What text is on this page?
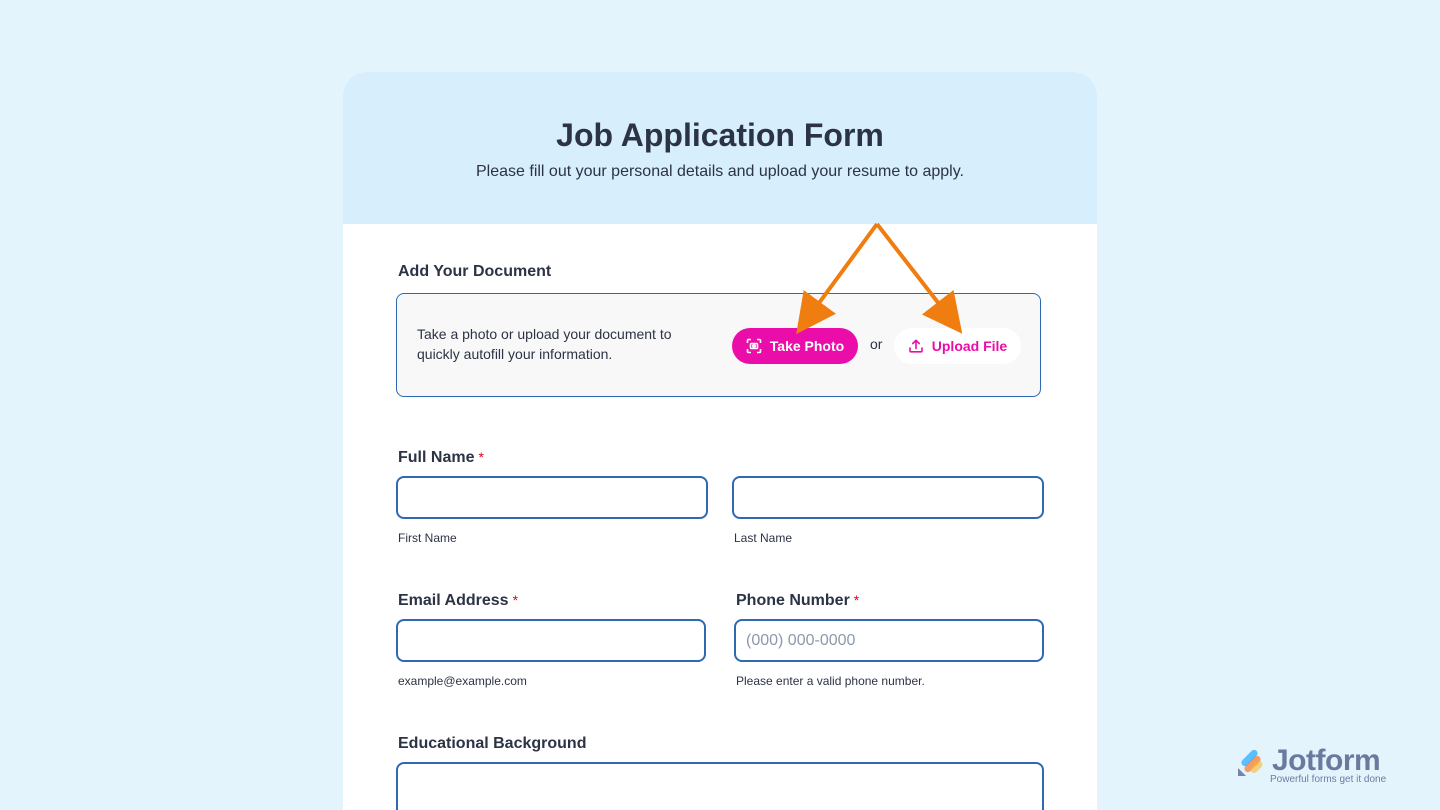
Job Application Form

Please fill out your personal details and upload your resume to apply.

Add Your Document
Take a photo or upload your document to quickly autofill your information.	Take Photo or	Upload File
Full Name *
First Name	Last Name
Email Address *
example@example.com
Phone Number *
(000) 000-0000
Please enter a valid phone number.
Educational Background
Jotform
Powerful forms get it done
